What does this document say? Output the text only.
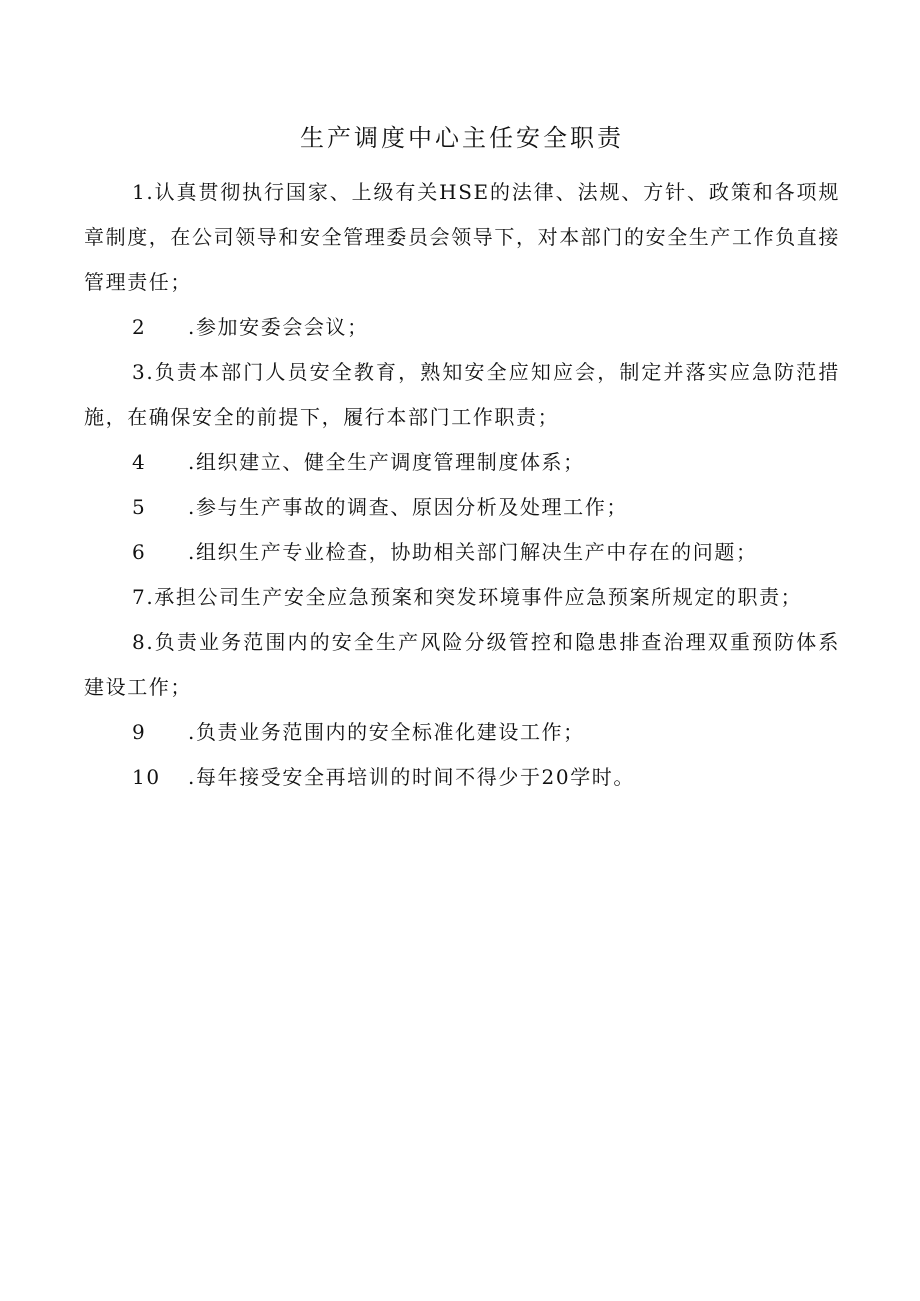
生产调度中心主任安全职责

1.认真贯彻执行国家、上级有关HSE的法律、法规、方针、政策和各项规章制度，在公司领导和安全管理委员会领导下，对本部门的安全生产工作负直接管理责任；

2 .参加安委会会议；

3.负责本部门人员安全教育，熟知安全应知应会，制定并落实应急防范措施，在确保安全的前提下，履行本部门工作职责；

4 .组织建立、健全生产调度管理制度体系；

5 .参与生产事故的调查、原因分析及处理工作；

6 .组织生产专业检查，协助相关部门解决生产中存在的问题；

7.承担公司生产安全应急预案和突发环境事件应急预案所规定的职责；

8.负责业务范围内的安全生产风险分级管控和隐患排查治理双重预防体系建设工作；

9 .负责业务范围内的安全标准化建设工作；

10 .每年接受安全再培训的时间不得少于20学时。
